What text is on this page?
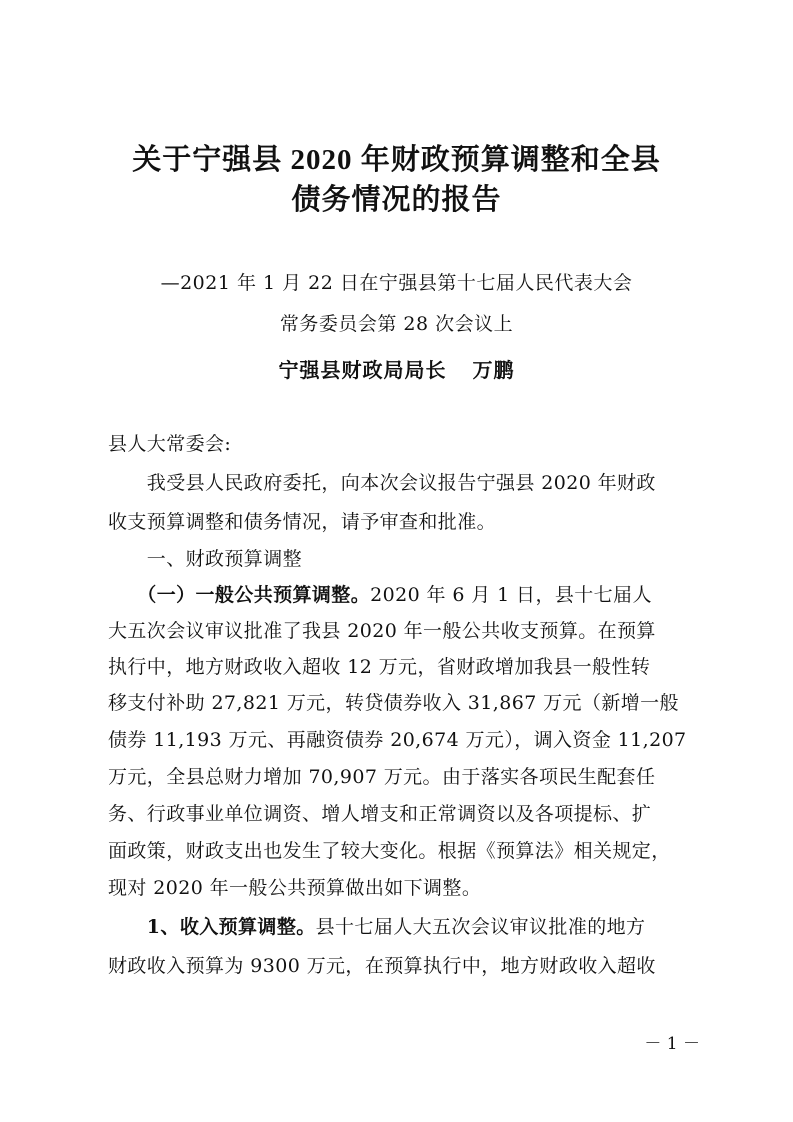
关于宁强县 2020 年财政预算调整和全县
债务情况的报告
—2021 年 1 月 22 日在宁强县第十七届人民代表大会
常务委员会第 28 次会议上
宁强县财政局局长 万鹏
县人大常委会:
　　我受县人民政府委托，向本次会议报告宁强县 2020 年财政
收支预算调整和债务情况，请予审查和批准。
　　一、财政预算调整
　　（一）一般公共预算调整。2020 年 6 月 1 日，县十七届人
大五次会议审议批准了我县 2020 年一般公共收支预算。在预算
执行中，地方财政收入超收 12 万元，省财政增加我县一般性转
移支付补助 27,821 万元，转贷债券收入 31,867 万元（新增一般
债券 11,193 万元、再融资债券 20,674 万元），调入资金 11,207
万元，全县总财力增加 70,907 万元。由于落实各项民生配套任
务、行政事业单位调资、增人增支和正常调资以及各项提标、扩
面政策，财政支出也发生了较大变化。根据《预算法》相关规定，
现对 2020 年一般公共预算做出如下调整。
　　1、收入预算调整。县十七届人大五次会议审议批准的地方
财政收入预算为 9300 万元，在预算执行中，地方财政收入超收
－ 1 －
